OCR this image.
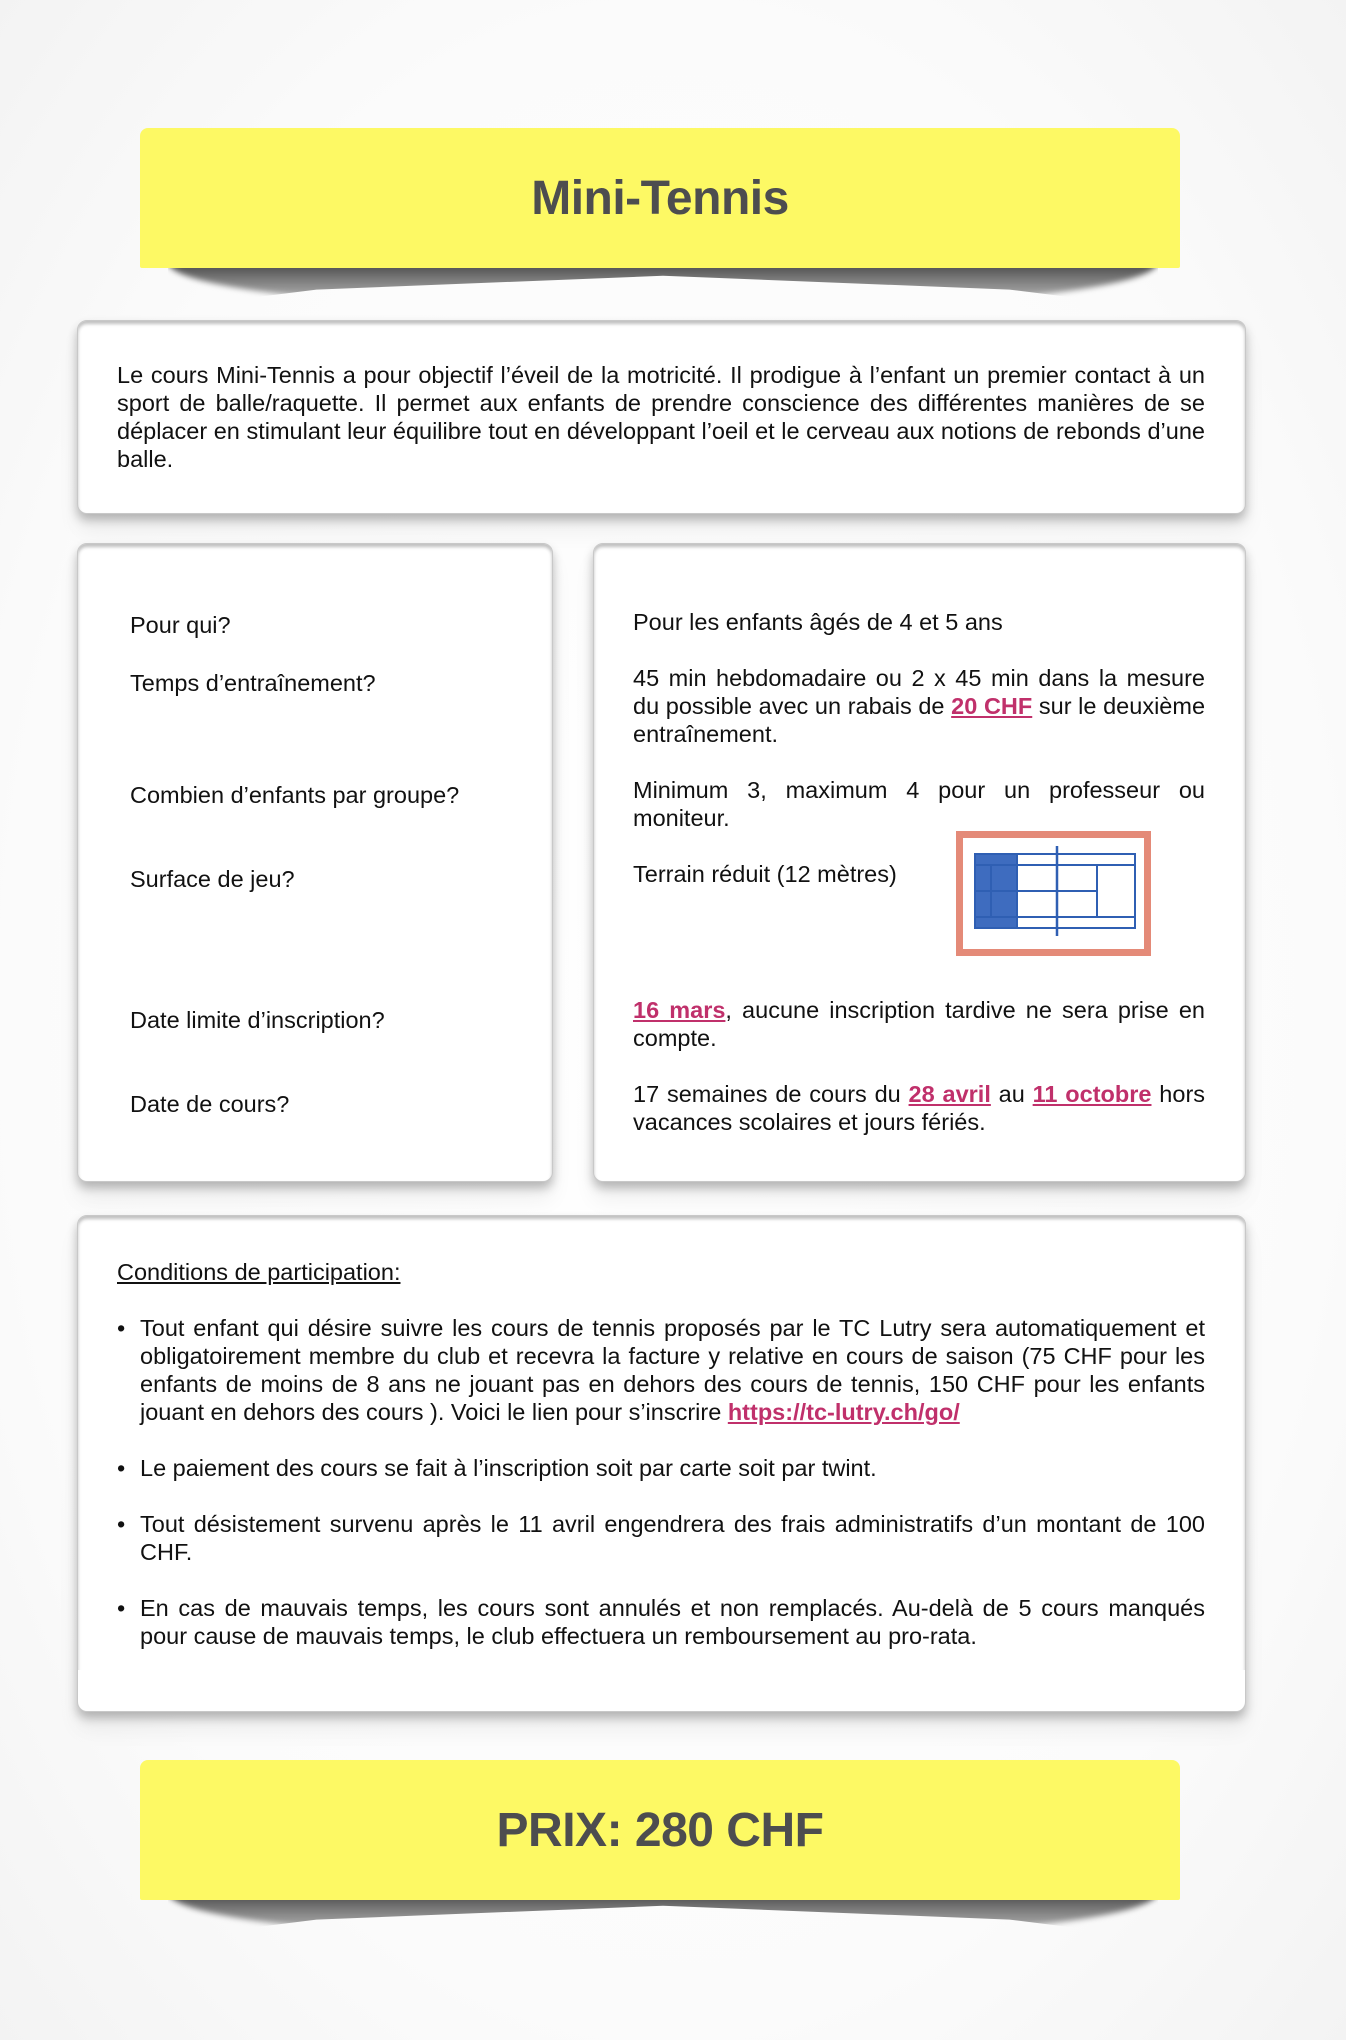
Mini-Tennis

Le cours Mini-Tennis a pour objectif l’éveil de la motricité. Il prodigue à l’enfant un premier contact à un sport de balle/raquette. Il permet aux enfants de prendre conscience des différentes manières de se déplacer en stimulant leur équilibre tout en développant l’oeil et le cerveau aux notions de rebonds d’une balle.

Pour qui?

Temps d’entraînement?

Combien d’enfants par groupe?

Surface de jeu?

Date limite d’inscription?

Date de cours?

Pour les enfants âgés de 4 et 5 ans

45 min hebdomadaire ou 2 x 45 min dans la mesure du possible avec un rabais de 20 CHF sur le deuxième entraînement.

Minimum 3, maximum 4 pour un professeur ou moniteur.

Terrain réduit (12 mètres)

16 mars, aucune inscription tardive ne sera prise en compte.

17 semaines de cours du 28 avril au 11 octobre hors vacances scolaires et jours fériés.

Conditions de participation:

• Tout enfant qui désire suivre les cours de tennis proposés par le TC Lutry sera automatiquement et obligatoirement membre du club et recevra la facture y relative en cours de saison (75 CHF pour les enfants de moins de 8 ans ne jouant pas en dehors des cours de tennis, 150 CHF pour les enfants jouant en dehors des cours ). Voici le lien pour s’inscrire https://tc-lutry.ch/go/
• Le paiement des cours se fait à l’inscription soit par carte soit par twint.
• Tout désistement survenu après le 11 avril engendrera des frais administratifs d’un montant de 100 CHF.
• En cas de mauvais temps, les cours sont annulés et non remplacés. Au-delà de 5 cours manqués pour cause de mauvais temps, le club effectuera un remboursement au pro-rata.
PRIX: 280 CHF
